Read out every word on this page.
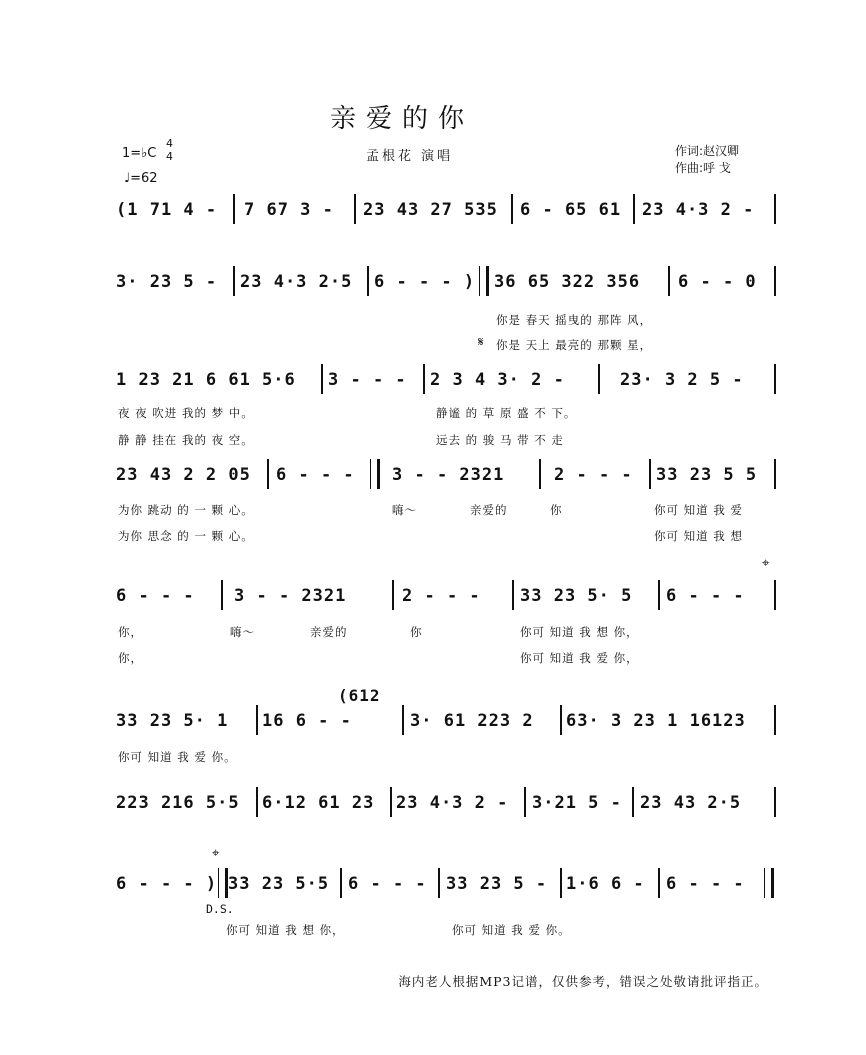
亲爱的你
孟根花 演唱
1=♭C
4
4
♩=62
作词:赵汉卿
作曲:呼 戈
(1 71 4 - 7 67 3 - 23 43 27 535 6 - 65 61 23 4·3 2 -
3· 23 5 - 23 4·3 2·5 6 - - - ) 36 65 322 356 6 - - 0
你是 春天 摇曳的 那阵 风，
𝄋 你是 天上 最亮的 那颗 星，
1 23 21 6 61 5·6 3 - - - 2 3 4 3· 2 -	23· 3 2 5 -
夜 夜 吹进 我的 梦 中。	静谧 的 草 原 盛 不 下。
静 静 挂在 我的 夜 空。	远去 的 骏 马 带 不 走
23 43 2 2 05 6 - - - 3 - - 2321	2 - - - 33 23 5 5
为你 跳动 的 一 颗 心。	嗨～	亲爱的	你	你可 知道 我 爱
为你 思念 的 一 颗 心。	你可 知道 我 想
⌖
6 - - - 3 - - 2321	2 - - - 33 23 5· 5 6 - - -
你，	嗨～	亲爱的	你	你可 知道 我 想 你，
你，	你可 知道 我 爱 你，
(612
33 23 5· 1 16 6 - -	3· 61 223 2 63· 3 23 1 16123
你可 知道 我 爱 你。
223 216 5·5 6·12 61 23 23 4·3 2 - 3·21 5 - 23 43 2·5
⌖
6 - - - ) 33 23 5·5 6 - - - 33 23 5 - 1·6 6 - 6 - - -
D.S.
你可 知道 我 想 你，	你可 知道 我 爱 你。
海内老人根据MP3记谱，仅供参考，错误之处敬请批评指正。
